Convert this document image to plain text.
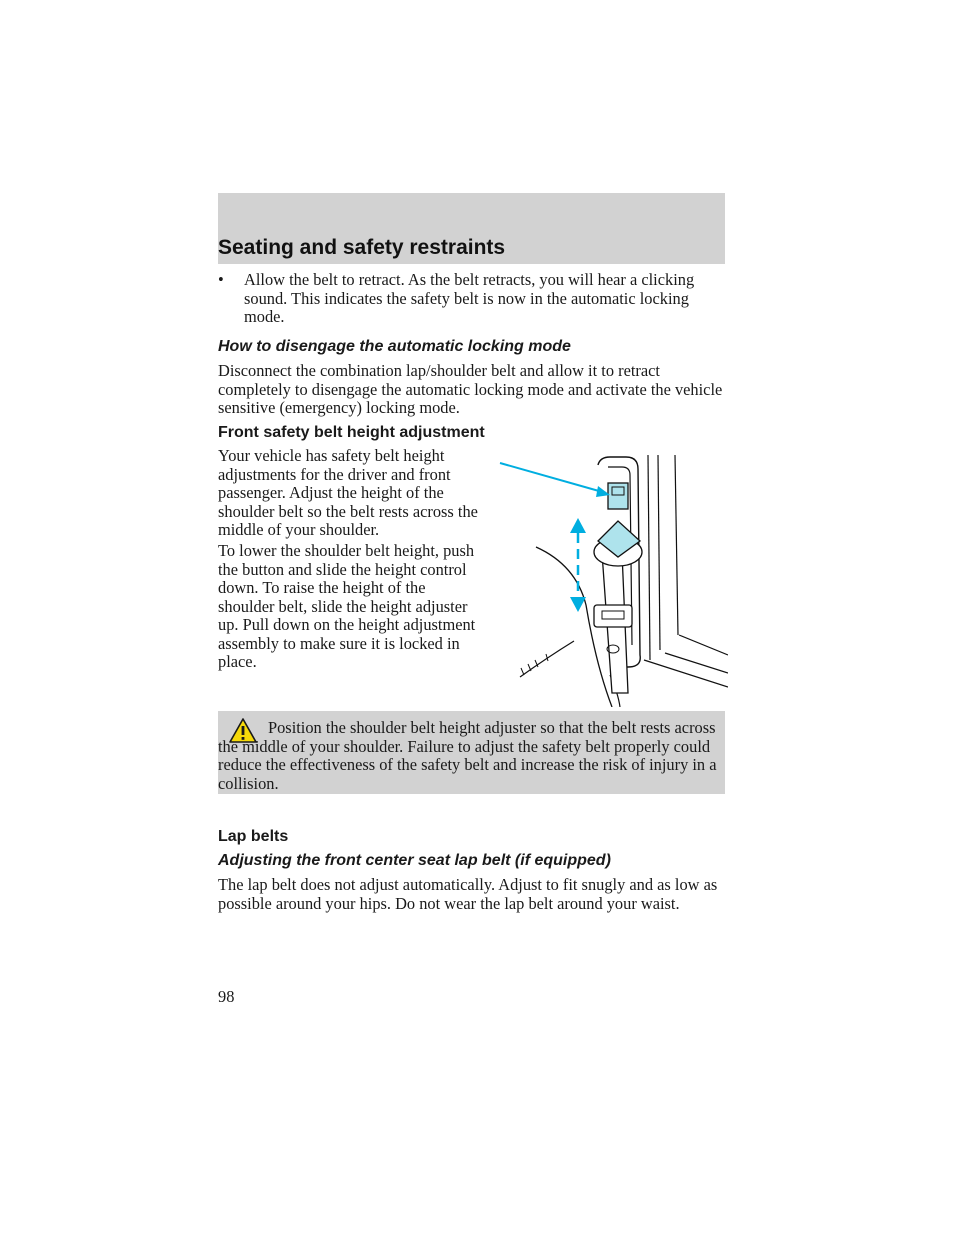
Seating and safety restraints
•	Allow the belt to retract. As the belt retracts, you will hear a clicking sound. This indicates the safety belt is now in the automatic locking mode.

How to disengage the automatic locking mode

Disconnect the combination lap/shoulder belt and allow it to retract completely to disengage the automatic locking mode and activate the vehicle sensitive (emergency) locking mode.

Front safety belt height adjustment

Your vehicle has safety belt height adjustments for the driver and front passenger. Adjust the height of the shoulder belt so the belt rests across the middle of your shoulder.

To lower the shoulder belt height, push the button and slide the height control down. To raise the height of the shoulder belt, slide the height adjuster up. Pull down on the height adjustment assembly to make sure it is locked in place.

Position the shoulder belt height adjuster so that the belt rests across the middle of your shoulder. Failure to adjust the safety belt properly could reduce the effectiveness of the safety belt and increase the risk of injury in a collision.

Lap belts

Adjusting the front center seat lap belt (if equipped)

The lap belt does not adjust automatically. Adjust to fit snugly and as low as possible around your hips. Do not wear the lap belt around your waist.

98
